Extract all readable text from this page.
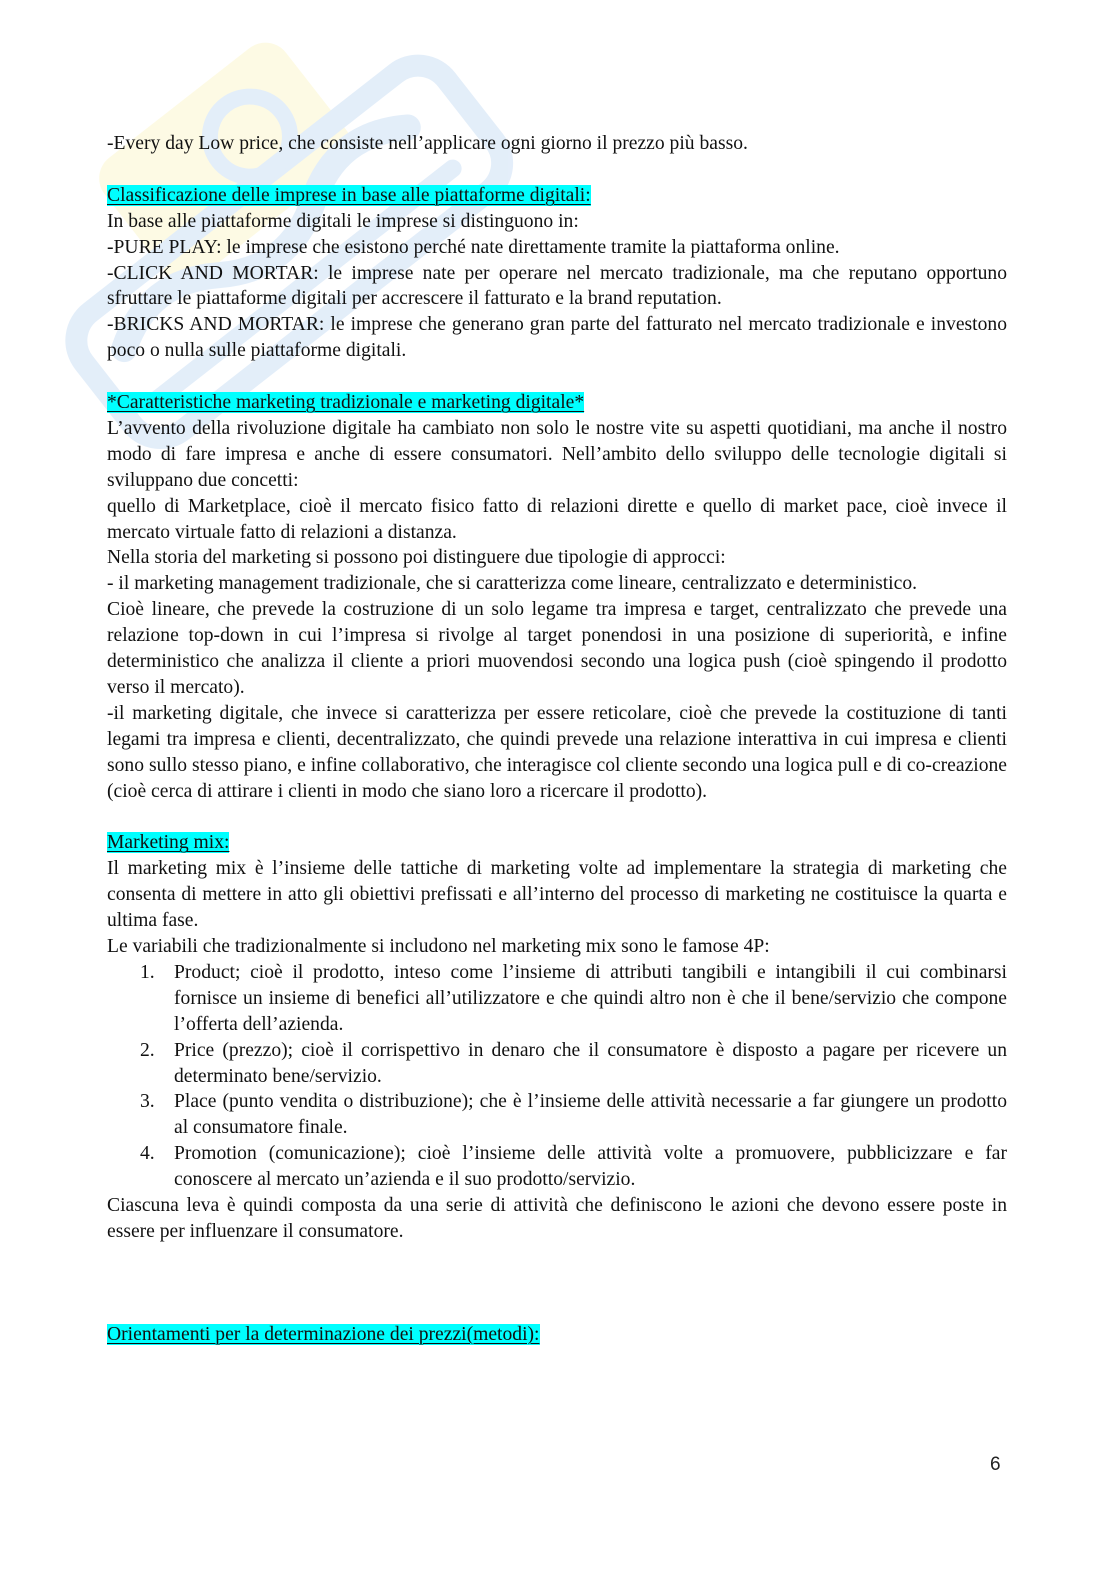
-Every day Low price, che consiste nell’applicare ogni giorno il prezzo più basso.

Classificazione delle imprese in base alle piattaforme digitali:

In base alle piattaforme digitali le imprese si distinguono in:

-PURE PLAY: le imprese che esistono perché nate direttamente tramite la piattaforma online.

-CLICK AND MORTAR: le imprese nate per operare nel mercato tradizionale, ma che reputano opportuno sfruttare le piattaforme digitali per accrescere il fatturato e la brand reputation.

-BRICKS AND MORTAR: le imprese che generano gran parte del fatturato nel mercato tradizionale e investono poco o nulla sulle piattaforme digitali.

*Caratteristiche marketing tradizionale e marketing digitale*

L’avvento della rivoluzione digitale ha cambiato non solo le nostre vite su aspetti quotidiani, ma anche il nostro modo di fare impresa e anche di essere consumatori. Nell’ambito dello sviluppo delle tecnologie digitali si sviluppano due concetti:

quello di Marketplace, cioè il mercato fisico fatto di relazioni dirette e quello di market pace, cioè invece il mercato virtuale fatto di relazioni a distanza.

Nella storia del marketing si possono poi distinguere due tipologie di approcci:

- il marketing management tradizionale, che si caratterizza come lineare, centralizzato e deterministico.

Cioè lineare, che prevede la costruzione di un solo legame tra impresa e target, centralizzato che prevede una relazione top-down in cui l’impresa si rivolge al target ponendosi in una posizione di superiorità, e infine deterministico che analizza il cliente a priori muovendosi secondo una logica push (cioè spingendo il prodotto verso il mercato).

-il marketing digitale, che invece si caratterizza per essere reticolare, cioè che prevede la costituzione di tanti legami tra impresa e clienti, decentralizzato, che quindi prevede una relazione interattiva in cui impresa e clienti sono sullo stesso piano, e infine collaborativo, che interagisce col cliente secondo una logica pull e di co-creazione (cioè cerca di attirare i clienti in modo che siano loro a ricercare il prodotto).

Marketing mix:

Il marketing mix è l’insieme delle tattiche di marketing volte ad implementare la strategia di marketing che consenta di mettere in atto gli obiettivi prefissati e all’interno del processo di marketing ne costituisce la quarta e ultima fase.

Le variabili che tradizionalmente si includono nel marketing mix sono le famose 4P:

1. Product; cioè il prodotto, inteso come l’insieme di attributi tangibili e intangibili il cui combinarsi fornisce un insieme di benefici all’utilizzatore e che quindi altro non è che il bene/servizio che compone l’offerta dell’azienda.
2. Price (prezzo); cioè il corrispettivo in denaro che il consumatore è disposto a pagare per ricevere un determinato bene/servizio.
3. Place (punto vendita o distribuzione); che è l’insieme delle attività necessarie a far giungere un prodotto al consumatore finale.
4. Promotion (comunicazione); cioè l’insieme delle attività volte a promuovere, pubblicizzare e far conoscere al mercato un’azienda e il suo prodotto/servizio.

Ciascuna leva è quindi composta da una serie di attività che definiscono le azioni che devono essere poste in essere per influenzare il consumatore.

Orientamenti per la determinazione dei prezzi(metodi):

6
